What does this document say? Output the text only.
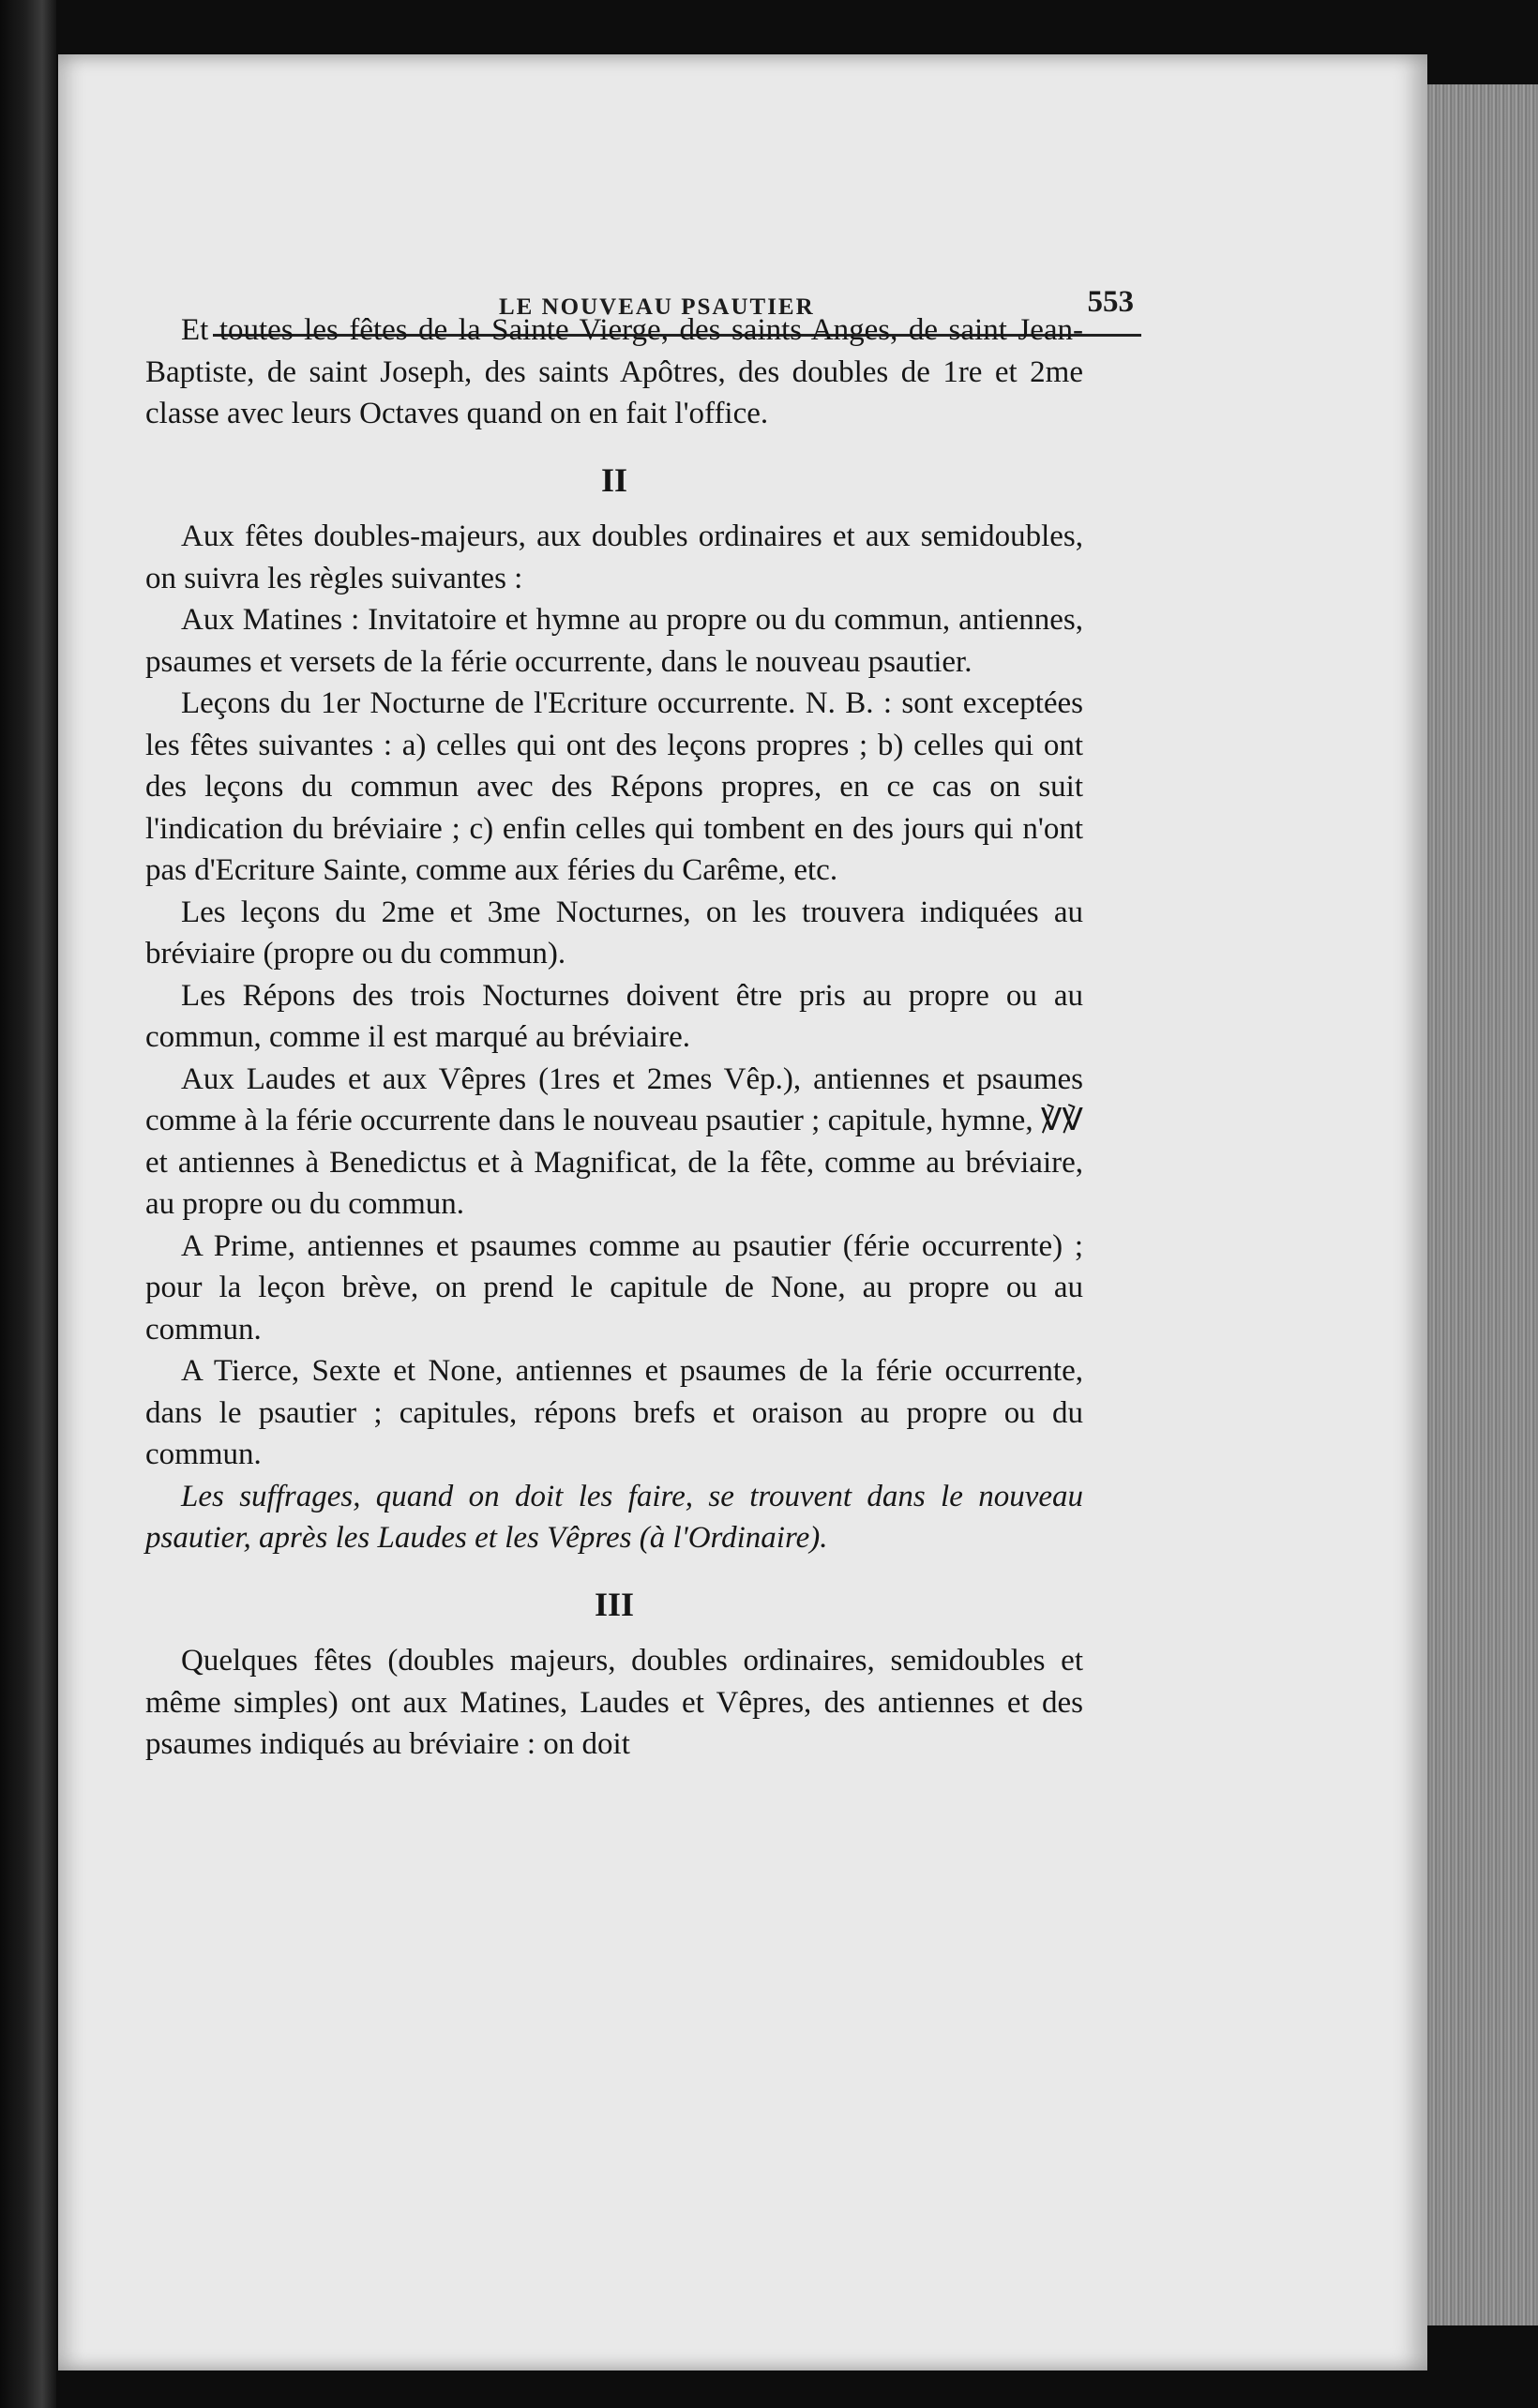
LE NOUVEAU PSAUTIER	553

Et toutes les fêtes de la Sainte Vierge, des saints Anges, de saint Jean-Baptiste, de saint Joseph, des saints Apôtres, des doubles de 1re et 2me classe avec leurs Octaves quand on en fait l'office.

II

Aux fêtes doubles-majeurs, aux doubles ordinaires et aux semidoubles, on suivra les règles suivantes :

Aux Matines : Invitatoire et hymne au propre ou du commun, antiennes, psaumes et versets de la férie occurrente, dans le nouveau psautier.

Leçons du 1er Nocturne de l'Ecriture occurrente. N. B. : sont exceptées les fêtes suivantes : a) celles qui ont des leçons propres ; b) celles qui ont des leçons du commun avec des Répons propres, en ce cas on suit l'indication du bréviaire ; c) enfin celles qui tombent en des jours qui n'ont pas d'Ecriture Sainte, comme aux féries du Carême, etc.

Les leçons du 2me et 3me Nocturnes, on les trouvera indiquées au bréviaire (propre ou du commun).

Les Répons des trois Nocturnes doivent être pris au propre ou au commun, comme il est marqué au bréviaire.

Aux Laudes et aux Vêpres (1res et 2mes Vêp.), antiennes et psaumes comme à la férie occurrente dans le nouveau psautier ; capitule, hymne, ℣℣ et antiennes à Benedictus et à Magnificat, de la fête, comme au bréviaire, au propre ou du commun.

A Prime, antiennes et psaumes comme au psautier (férie occurrente) ; pour la leçon brève, on prend le capitule de None, au propre ou au commun.

A Tierce, Sexte et None, antiennes et psaumes de la férie occurrente, dans le psautier ; capitules, répons brefs et oraison au propre ou du commun.

Les suffrages, quand on doit les faire, se trouvent dans le nouveau psautier, après les Laudes et les Vêpres (à l'Ordinaire).

III

Quelques fêtes (doubles majeurs, doubles ordinaires, semidoubles et même simples) ont aux Matines, Laudes et Vêpres, des antiennes et des psaumes indiqués au bréviaire : on doit
